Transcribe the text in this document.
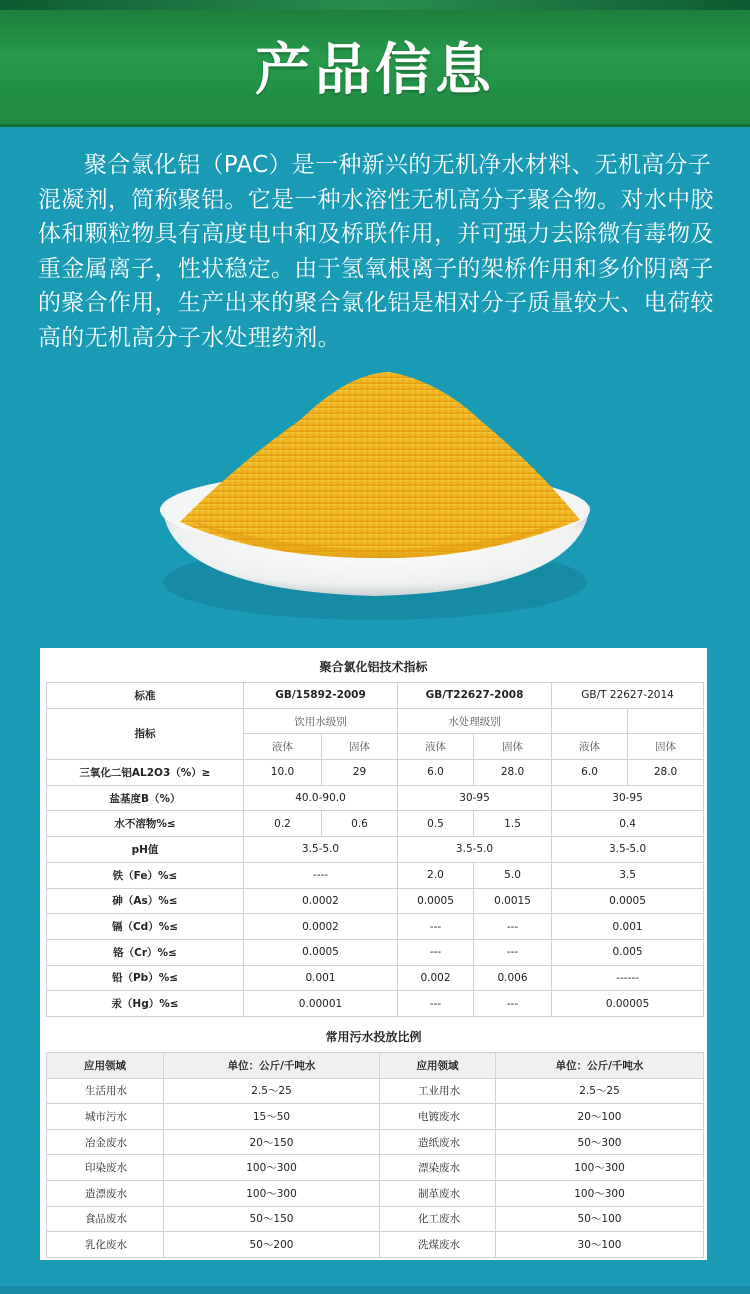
产品信息

聚合氯化铝（PAC）是一种新兴的无机净水材料、无机高分子混凝剂，简称聚铝。它是一种水溶性无机高分子聚合物。对水中胶体和颗粒物具有高度电中和及桥联作用，并可强力去除微有毒物及重金属离子，性状稳定。由于氢氧根离子的架桥作用和多价阴离子的聚合作用，生产出来的聚合氯化铝是相对分子质量较大、电荷较高的无机高分子水处理药剂。

聚合氯化铝技术指标
标准	GB/15892-2009		GB/T22627-2008		GB/T 22627-2014	
指标	饮用水级别		水处理级别			
	液体	固体	液体	固体	液体	固体
三氧化二铝AL2O3（%）≥	10.0	29	6.0	28.0	6.0	28.0
盐基度B（%）	40.0-90.0		30-95		30-95	
水不溶物%≤	0.2	0.6	0.5	1.5	0.4	
pH值	3.5-5.0		3.5-5.0		3.5-5.0	
铁（Fe）%≤	----		2.0	5.0	3.5	
砷（As）%≤	0.0002		0.0005	0.0015	0.0005	
镉（Cd）%≤	0.0002		---	---	0.001	
铬（Cr）%≤	0.0005		---	---	0.005	
铅（Pb）%≤	0.001		0.002	0.006	------	
汞（Hg）%≤	0.00001		---	---	0.00005	
常用污水投放比例
应用领域	单位：公斤/千吨水	应用领域	单位：公斤/千吨水
生活用水	2.5～25	工业用水	2.5～25
城市污水	15～50	电镀废水	20～100
冶金废水	20～150	造纸废水	50～300
印染废水	100～300	漂染废水	100～300
造漂废水	100～300	制革废水	100～300
食品废水	50～150	化工废水	50～100
乳化废水	50～200	洗煤废水	30～100
